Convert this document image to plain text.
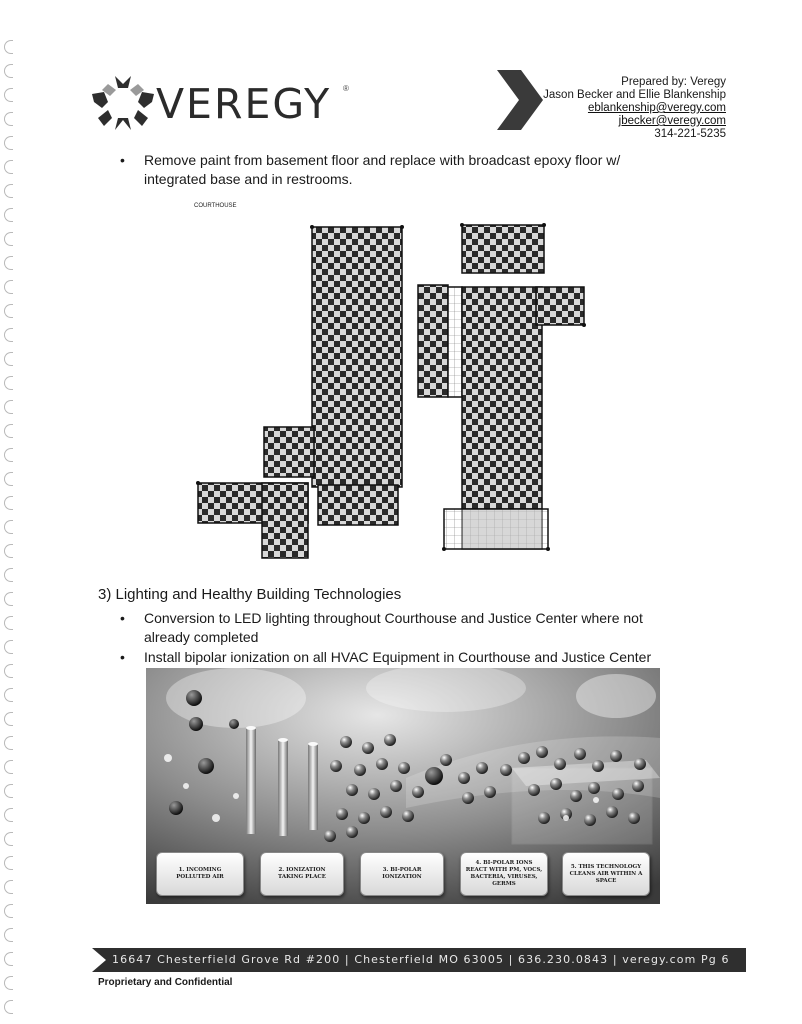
VEREGY ®
Prepared by: Veregy
Jason Becker and Ellie Blankenship
eblankenship@veregy.com
jbecker@veregy.com
314-221-5235
• Remove paint from basement floor and replace with broadcast epoxy floor w/ integrated base and in restrooms.
COURTHOUSE
3) Lighting and Healthy Building Technologies
• Conversion to LED lighting throughout Courthouse and Justice Center where not already completed
• Install bipolar ionization on all HVAC Equipment in Courthouse and Justice Center
1. INCOMING POLLUTED AIR
2. IONIZATION TAKING PLACE
3. BI-POLAR IONIZATION
4. BI-POLAR IONS REACT WITH PM, VOCS, BACTERIA, VIRUSES, GERMS
5. THIS TECHNOLOGY CLEANS AIR WITHIN A SPACE
16647 Chesterfield Grove Rd #200 | Chesterfield MO 63005 | 636.230.0843 | veregy.com Pg 6
Proprietary and Confidential
